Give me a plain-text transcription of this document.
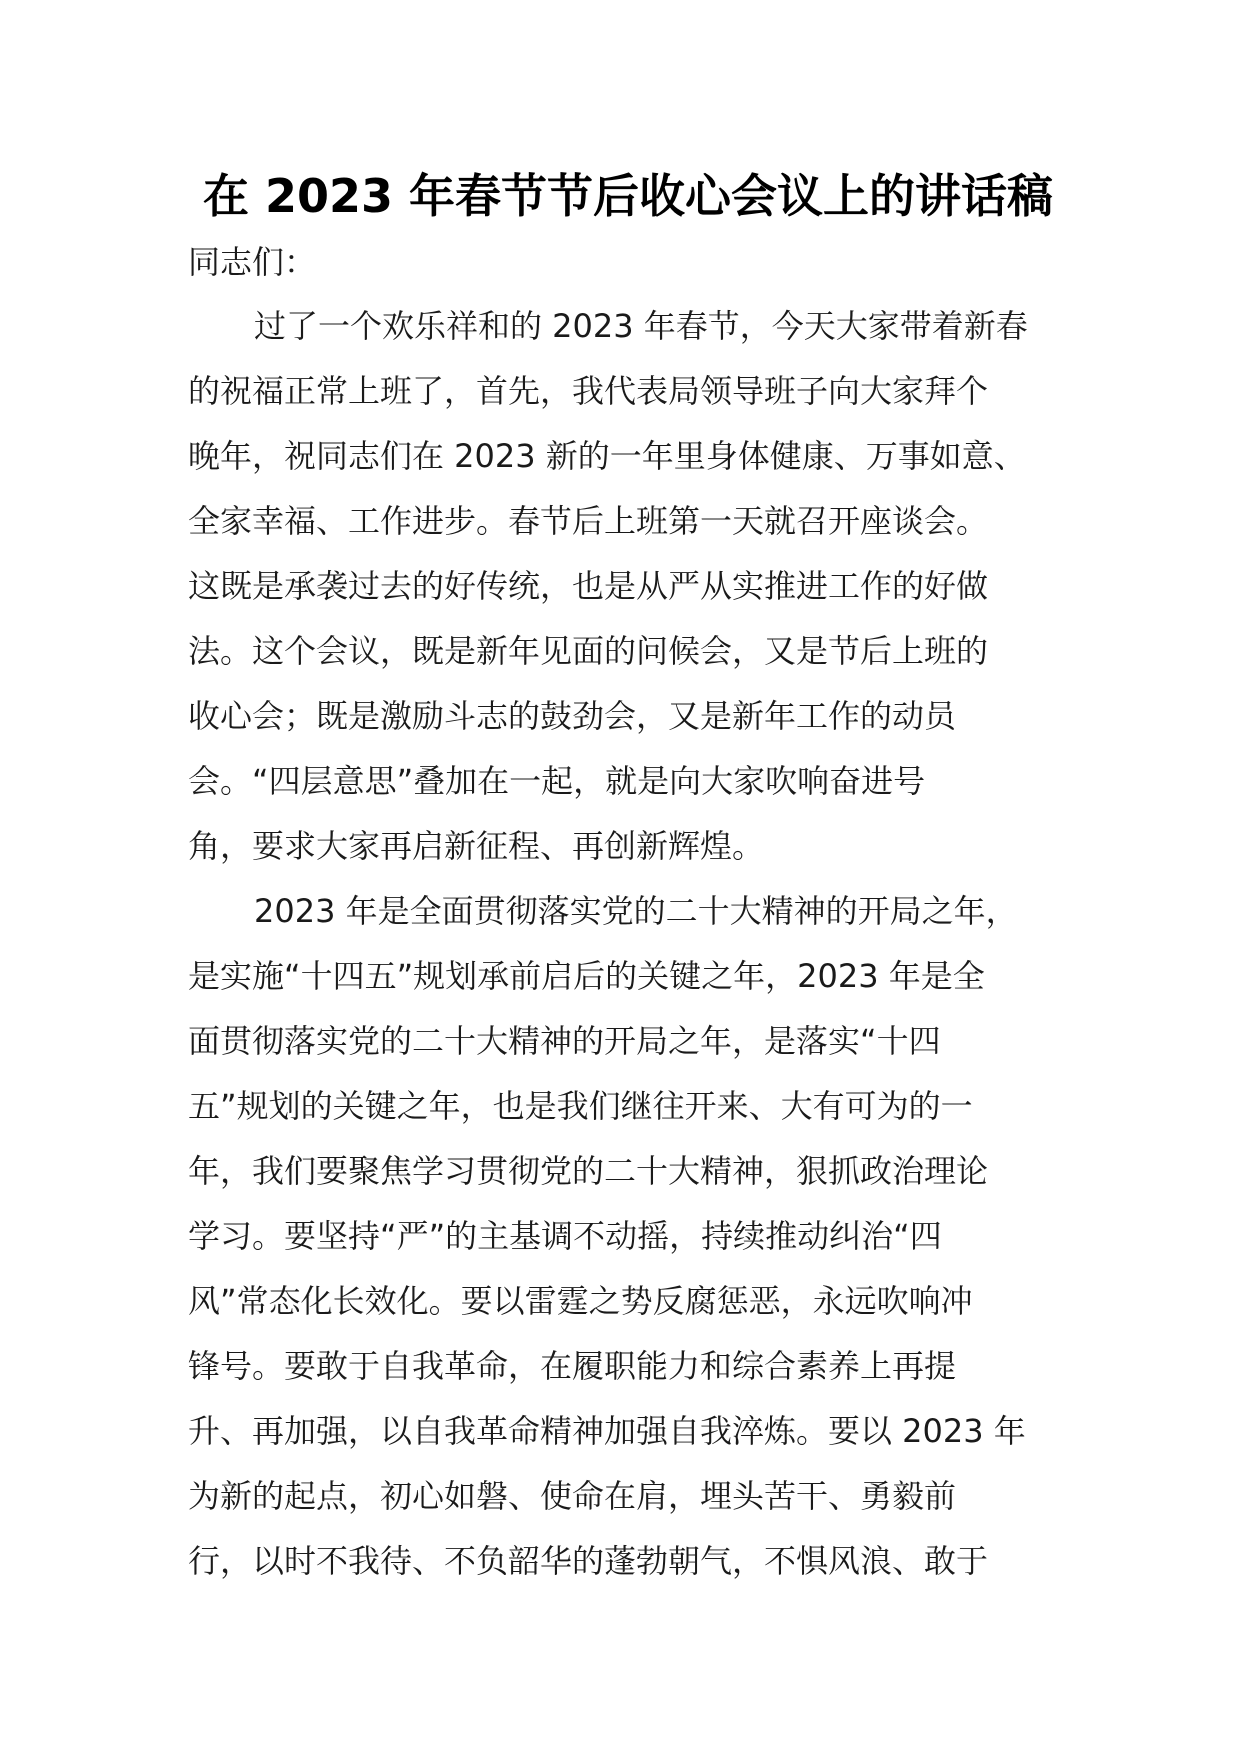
在 2023 年春节节后收心会议上的讲话稿

同志们：

过了一个欢乐祥和的 2023 年春节，今天大家带着新春

的祝福正常上班了，首先，我代表局领导班子向大家拜个

晚年，祝同志们在 2023 新的一年里身体健康、万事如意、

全家幸福、工作进步。春节后上班第一天就召开座谈会。

这既是承袭过去的好传统，也是从严从实推进工作的好做

法。这个会议，既是新年见面的问候会，又是节后上班的

收心会；既是激励斗志的鼓劲会，又是新年工作的动员

会。“四层意思”叠加在一起，就是向大家吹响奋进号

角，要求大家再启新征程、再创新辉煌。

2023 年是全面贯彻落实党的二十大精神的开局之年，

是实施“十四五”规划承前启后的关键之年，2023 年是全

面贯彻落实党的二十大精神的开局之年，是落实“十四

五”规划的关键之年，也是我们继往开来、大有可为的一

年，我们要聚焦学习贯彻党的二十大精神，狠抓政治理论

学习。要坚持“严”的主基调不动摇，持续推动纠治“四

风”常态化长效化。要以雷霆之势反腐惩恶，永远吹响冲

锋号。要敢于自我革命，在履职能力和综合素养上再提

升、再加强，以自我革命精神加强自我淬炼。要以 2023 年

为新的起点，初心如磐、使命在肩，埋头苦干、勇毅前

行，以时不我待、不负韶华的蓬勃朝气，不惧风浪、敢于
